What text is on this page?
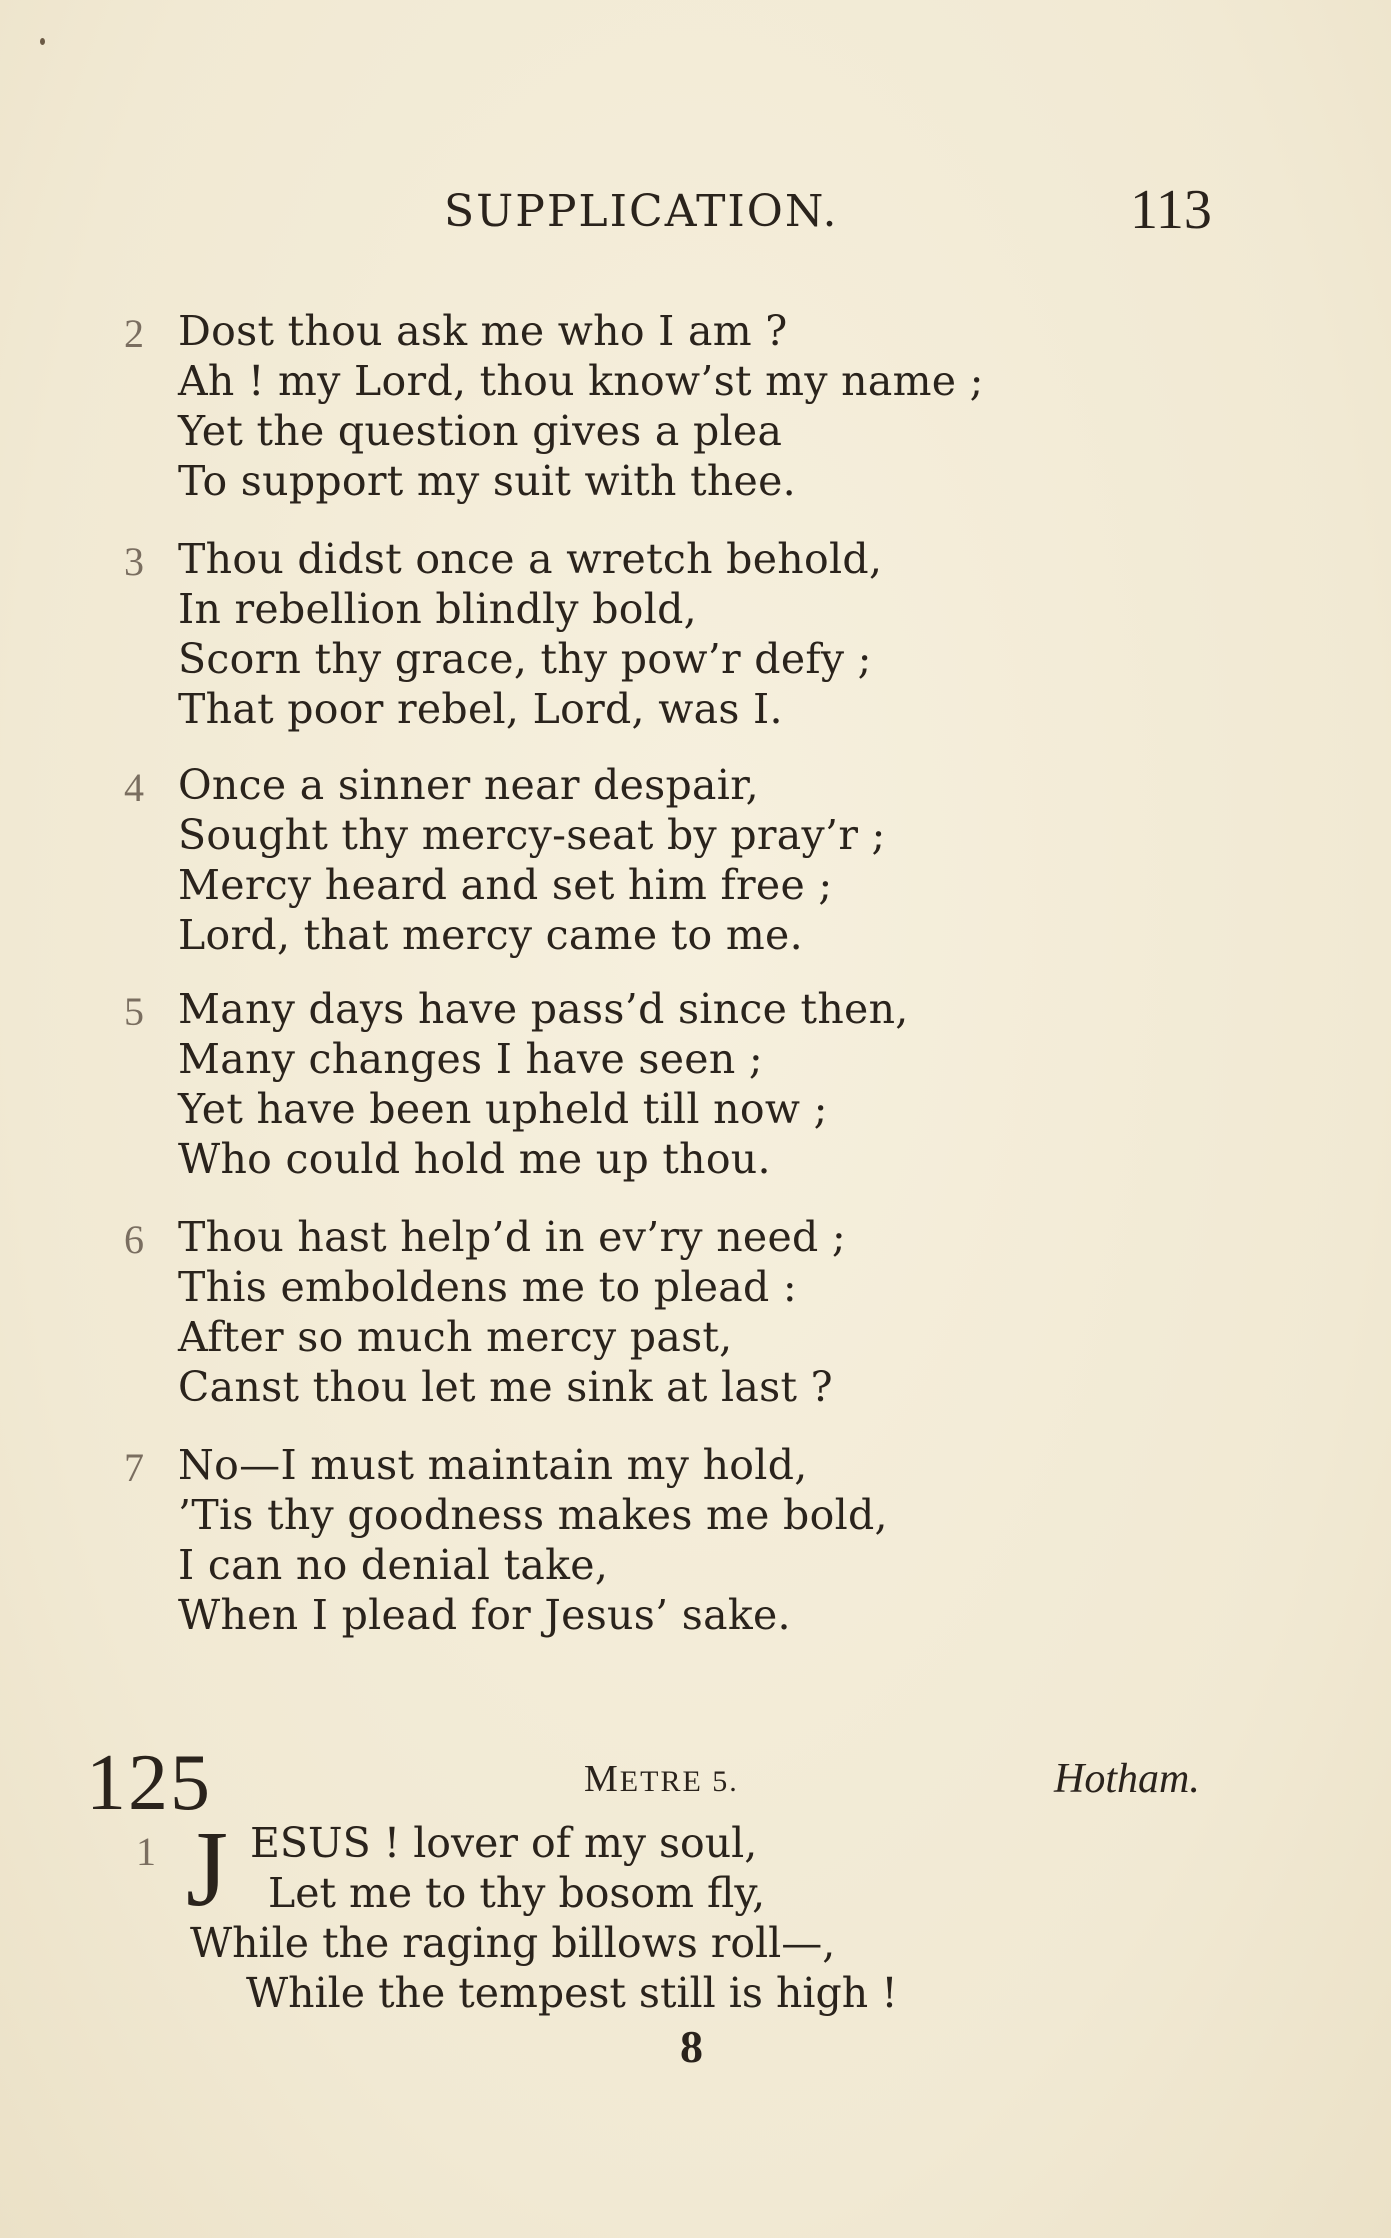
SUPPLICATION.	113
2 Dost thou ask me who I am ?
Ah ! my Lord, thou know’st my name ;
Yet the question gives a plea
To support my suit with thee.
3 Thou didst once a wretch behold,
In rebellion blindly bold,
Scorn thy grace, thy pow’r defy ;
That poor rebel, Lord, was I.
4 Once a sinner near despair,
Sought thy mercy-seat by pray’r ;
Mercy heard and set him free ;
Lord, that mercy came to me.
5 Many days have pass’d since then,
Many changes I have seen ;
Yet have been upheld till now ;
Who could hold me up thou.
6 Thou hast help’d in ev’ry need ;
This emboldens me to plead :
After so much mercy past,
Canst thou let me sink at last ?
7 No—I must maintain my hold,
’Tis thy goodness makes me bold,
I can no denial take,
When I plead for Jesus’ sake.
125	METRE 5.	Hotham.
1 J ESUS ! lover of my soul,
Let me to thy bosom fly,
While the raging billows roll—,
While the tempest still is high !
8
